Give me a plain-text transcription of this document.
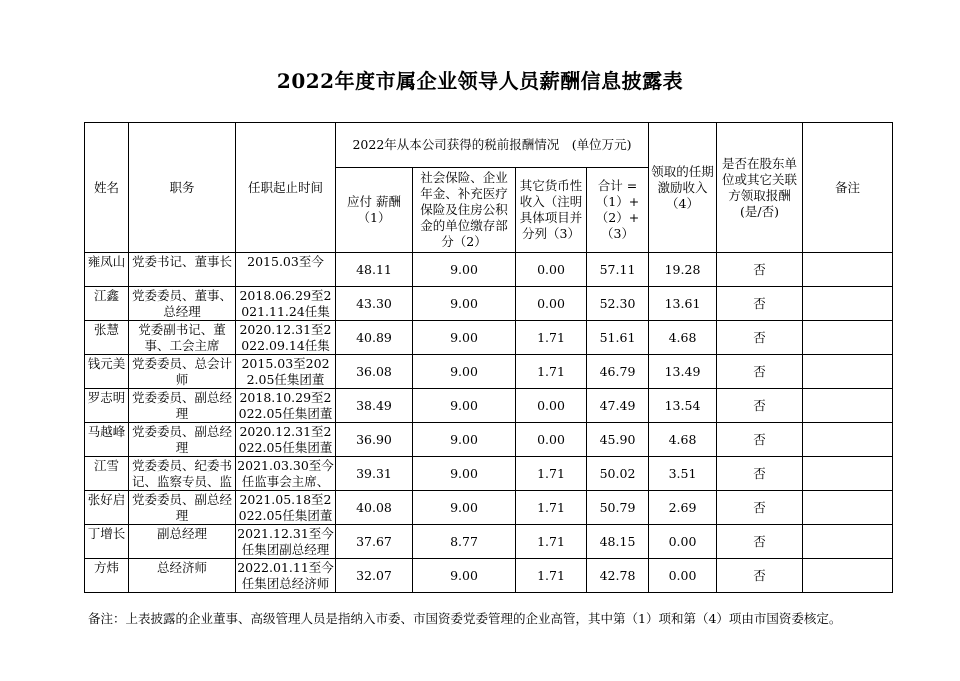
2022年度市属企业领导人员薪酬信息披露表
姓名	职务	任职起止时间	2022年从本公司获得的税前报酬情况　(单位万元)				领取的任期激励收入（4）	是否在股东单位或其它关联方领取报酬(是/否)	备注
			应付 薪酬（1）	社会保险、企业年金、补充医疗保险及住房公积金的单位缴存部分（2）	其它货币性收入（注明具体项目并分列（3）	合计 =（1）+（2）+（3）			

雍凤山	党委书记、董事长	2015.03至今	48.11	9.00	0.00	57.11	19.28	否	

江鑫	党委委员、董事、总经理	2018.06.29至2021.11.24任集	43.30	9.00	0.00	52.30	13.61	否	

张慧	党委副书记、董事、工会主席	2020.12.31至2022.09.14任集	40.89	9.00	1.71	51.61	4.68	否	

钱元美	党委委员、总会计师	2015.03至2022.05任集团董	36.08	9.00	1.71	46.79	13.49	否	

罗志明	党委委员、副总经理	2018.10.29至2022.05任集团董	38.49	9.00	0.00	47.49	13.54	否	

马越峰	党委委员、副总经理	2020.12.31至2022.05任集团董	36.90	9.00	0.00	45.90	4.68	否	

江雪	党委委员、纪委书记、监察专员、监	2021.03.30至今任监事会主席、	39.31	9.00	1.71	50.02	3.51	否	

张好启	党委委员、副总经理	2021.05.18至2022.05任集团董	40.08	9.00	1.71	50.79	2.69	否	

丁增长	副总经理	2021.12.31至今任集团副总经理	37.67	8.77	1.71	48.15	0.00	否	

方炜	总经济师	2022.01.11至今任集团总经济师	32.07	9.00	1.71	42.78	0.00	否	
备注：上表披露的企业董事、高级管理人员是指纳入市委、市国资委党委管理的企业高管，其中第（1）项和第（4）项由市国资委核定。
